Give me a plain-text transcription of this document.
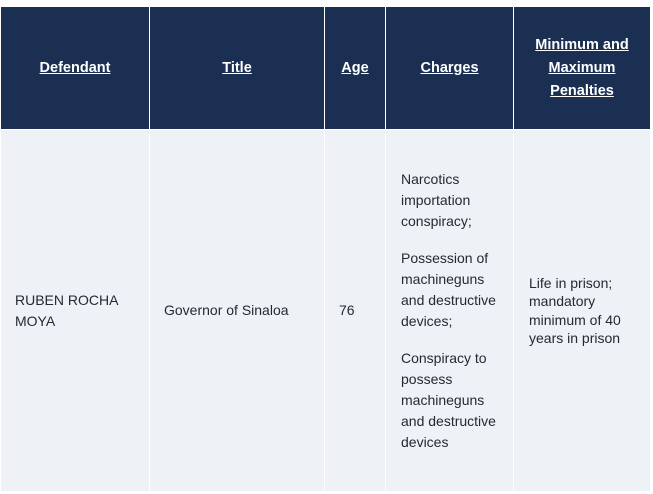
Defendant	Title	Age	Charges	Minimum and Maximum Penalties

RUBEN ROCHA MOYA	Governor of Sinaloa	76	Narcotics importation conspiracy;
Possession of machineguns and destructive devices;
Conspiracy to possess machineguns and destructive devices	Life in prison; mandatory minimum of 40 years in prison
